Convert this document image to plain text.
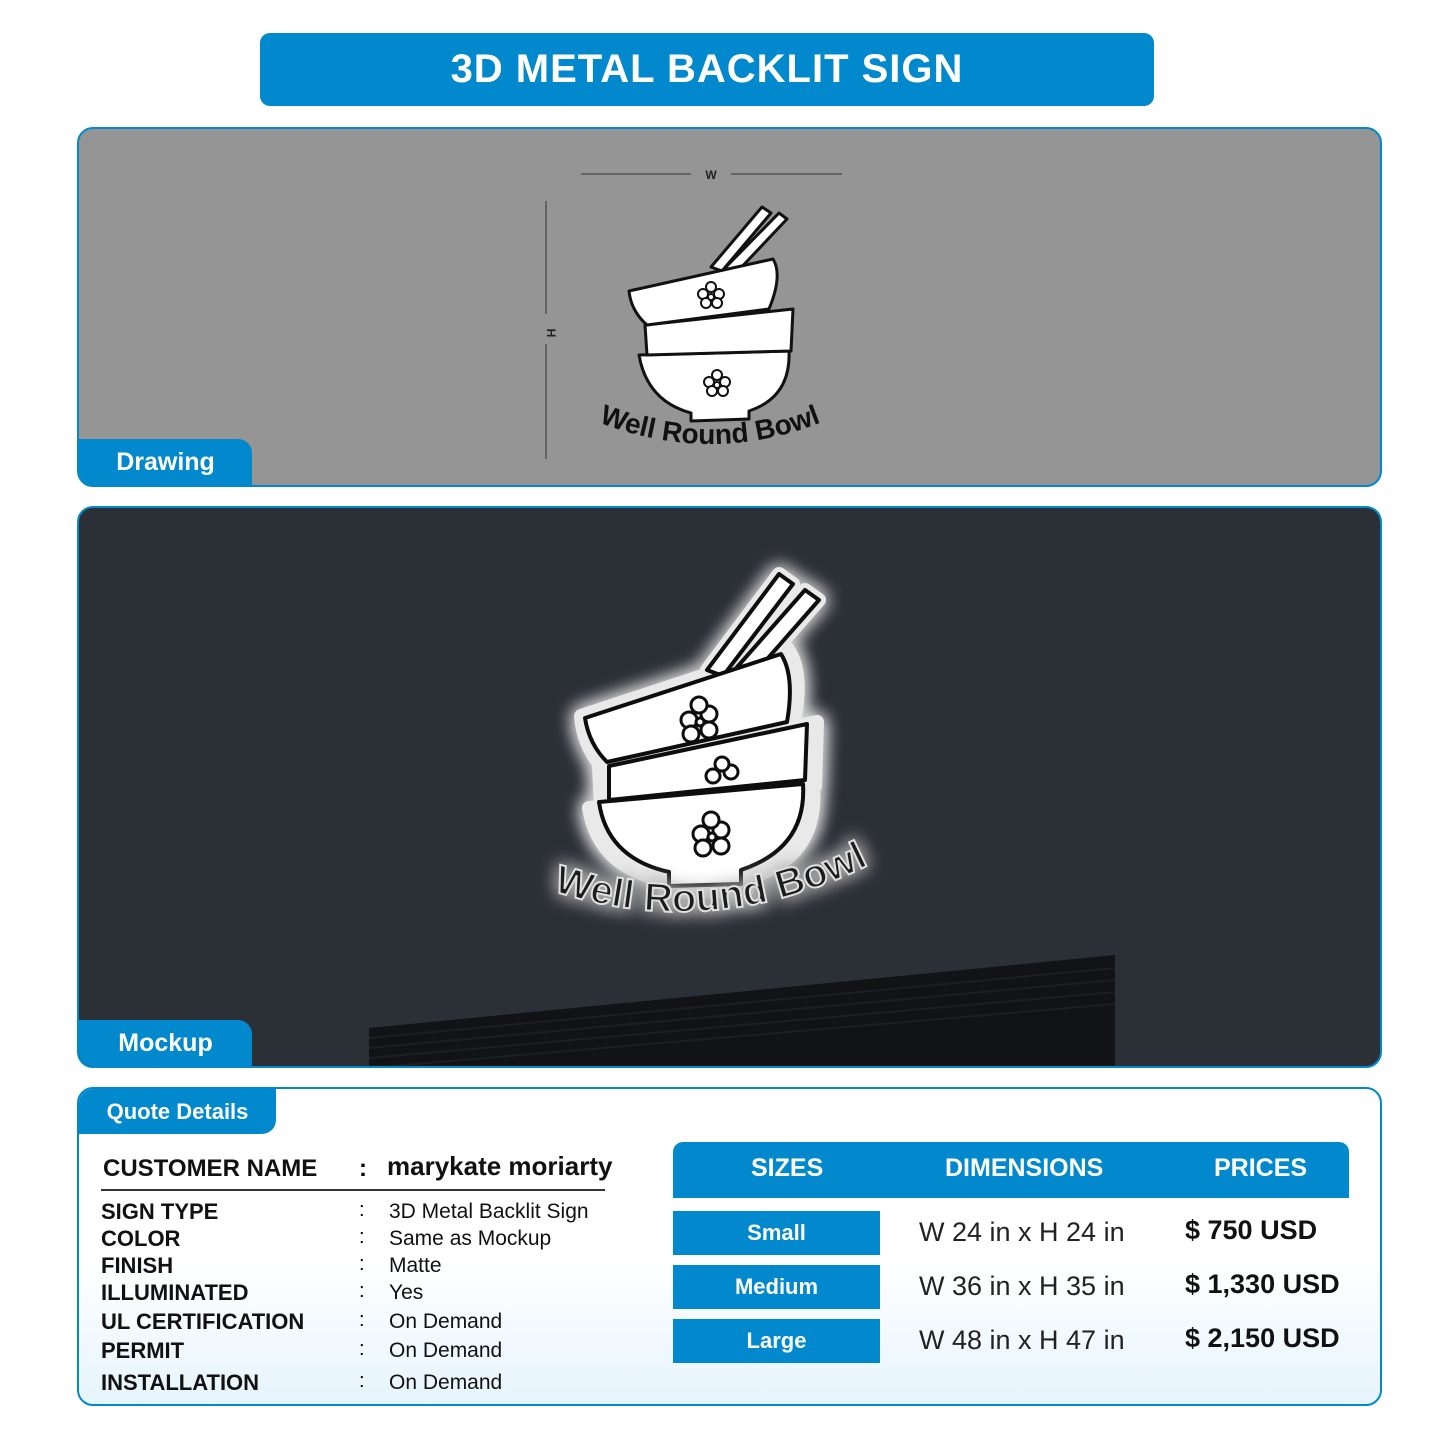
3D METAL BACKLIT SIGN
W
H
Well Round Bowl
Drawing
Well Round Bowl
Mockup
Quote Details
CUSTOMER NAME : marykate moriarty
SIGN TYPE	: 3D Metal Backlit Sign
COLOR	: Same as Mockup
FINISH	: Matte
ILLUMINATED	: Yes
UL CERTIFICATION	: On Demand
PERMIT	: On Demand
INSTALLATION	: On Demand
SIZES	DIMENSIONS	PRICES
Small	W 24 in x H 24 in $ 750 USD
Medium	W 36 in x H 35 in $ 1,330 USD
Large	W 48 in x H 47 in $ 2,150 USD
